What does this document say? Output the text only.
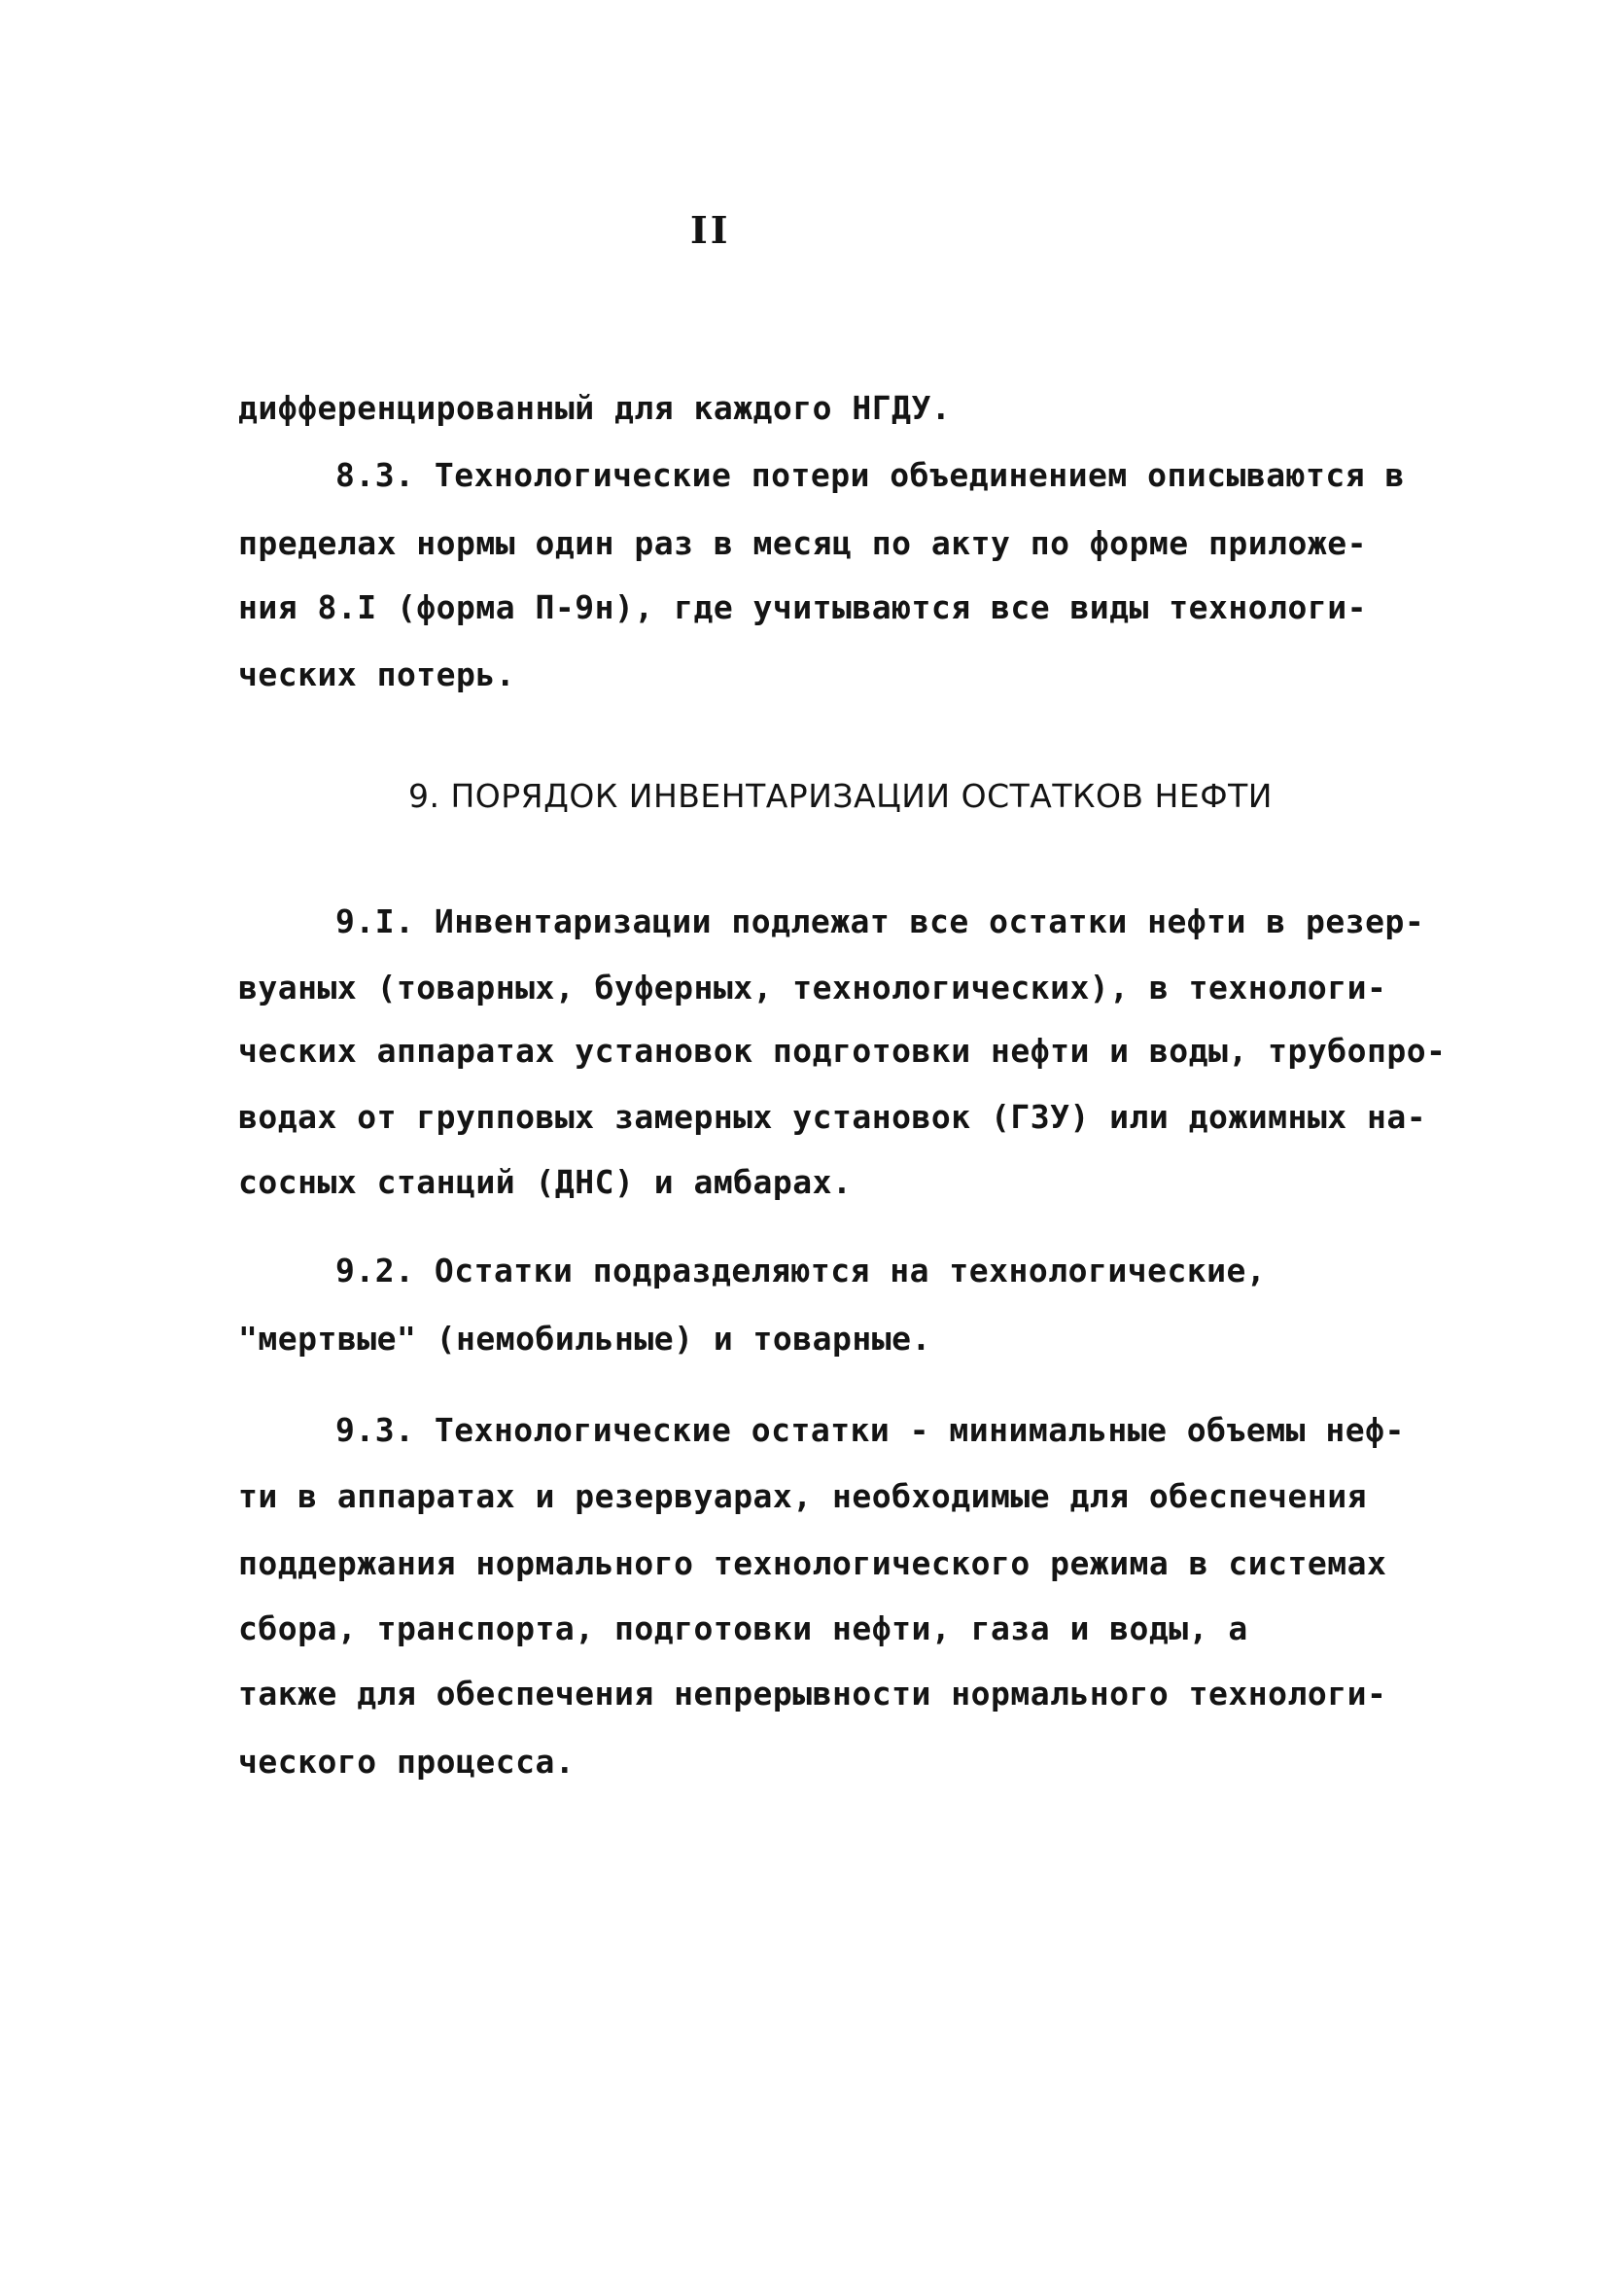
II
дифференцированный для каждого НГДУ.
8.3. Технологические потери объединением описываются в
пределах нормы один раз в месяц по акту по форме приложе-
ния 8.I (форма П-9н), где учитываются все виды технологи-
ческих потерь.
9. ПОРЯДОК ИНВЕНТАРИЗАЦИИ ОСТАТКОВ НЕФТИ
9.I. Инвентаризации подлежат все остатки нефти в резер-
вуаных (товарных, буферных, технологических), в технологи-
ческих аппаратах установок подготовки нефти и воды, трубопро-
водах от групповых замерных установок (ГЗУ) или дожимных на-
сосных станций (ДНС) и амбарах.
9.2. Остатки подразделяются на технологические,
"мертвые" (немобильные) и товарные.
9.3. Технологические остатки - минимальные объемы неф-
ти в аппаратах и резервуарах, необходимые для обеспечения
поддержания нормального технологического режима в системах
сбора, транспорта, подготовки нефти, газа и воды, а
также для обеспечения непрерывности нормального технологи-
ческого процесса.
